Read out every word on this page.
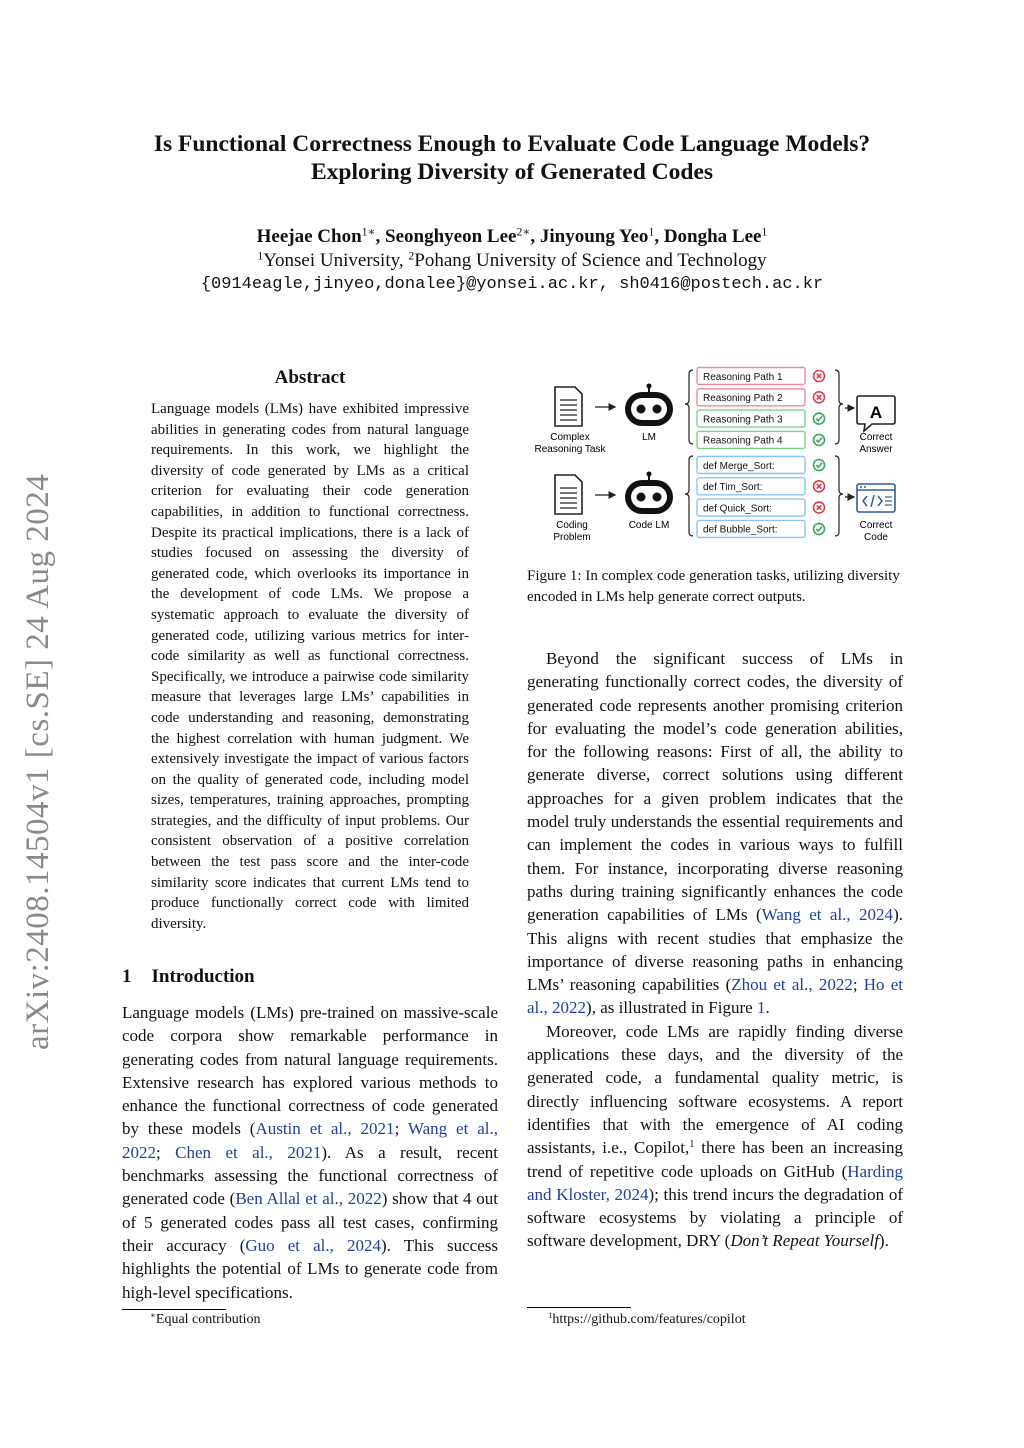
Is Functional Correctness Enough to Evaluate Code Language Models?
Exploring Diversity of Generated Codes
Heejae Chon$^{1∗}$, Seonghyeon Lee$^{2∗}$, Jinyoung Yeo$^1$, Dongha Lee$^1$
$^1$Yonsei University, $^2$Pohang University of Science and Technology
{0914eagle,jinyeo,donalee}@yonsei.ac.kr, sh0416@postech.ac.kr
arXiv:2408.14504v1 [cs.SE] 24 Aug 2024
Abstract

Language models (LMs) have exhibited impressive abilities in generating codes from natural language requirements. In this work, we highlight the diversity of code generated by LMs as a critical criterion for evaluating their code generation capabilities, in addition to functional correctness. Despite its practical implications, there is a lack of studies focused on assessing the diversity of generated code, which overlooks its importance in the development of code LMs. We propose a systematic approach to evaluate the diversity of generated code, utilizing various metrics for inter-code similarity as well as functional correctness. Specifically, we introduce a pairwise code similarity measure that leverages large LMs’ capabilities in code understanding and reasoning, demonstrating the highest correlation with human judgment. We extensively investigate the impact of various factors on the quality of generated code, including model sizes, temperatures, training approaches, prompting strategies, and the difficulty of input problems. Our consistent observation of a positive correlation between the test pass score and the inter-code similarity score indicates that current LMs tend to produce functionally correct code with limited diversity.

1 Introduction

Language models (LMs) pre-trained on massive-scale code corpora show remarkable performance in generating codes from natural language requirements. Extensive research has explored various methods to enhance the functional correctness of code generated by these models (Austin et al., 2021; Wang et al., 2022; Chen et al., 2021). As a result, recent benchmarks assessing the functional correctness of generated code (Ben Allal et al., 2022) show that 4 out of 5 generated codes pass all test cases, confirming their accuracy (Guo et al., 2024). This success highlights the potential of LMs to generate code from high-level specifications.

∗Equal contribution
Complex
Reasoning Task
LM
Reasoning Path 1
Reasoning Path 2
Reasoning Path 3
Reasoning Path 4
def Merge_Sort:
def Tim_Sort:
def Quick_Sort:
def Bubble_Sort:
A
Correct
Answer
Coding
Problem
Code LM	Correct
Code
Figure 1: In complex code generation tasks, utilizing diversity encoded in LMs help generate correct outputs.

Beyond the significant success of LMs in generating functionally correct codes, the diversity of generated code represents another promising criterion for evaluating the model’s code generation abilities, for the following reasons: First of all, the ability to generate diverse, correct solutions using different approaches for a given problem indicates that the model truly understands the essential requirements and can implement the codes in various ways to fulfill them. For instance, incorporating diverse reasoning paths during training significantly enhances the code generation capabilities of LMs (Wang et al., 2024). This aligns with recent studies that emphasize the importance of diverse reasoning paths in enhancing LMs’ reasoning capabilities (Zhou et al., 2022; Ho et al., 2022), as illustrated in Figure 1.

Moreover, code LMs are rapidly finding diverse applications these days, and the diversity of the generated code, a fundamental quality metric, is directly influencing software ecosystems. A report identifies that with the emergence of AI coding assistants, i.e., Copilot,$^1$ there has been an increasing trend of repetitive code uploads on GitHub (Harding and Kloster, 2024); this trend incurs the degradation of software ecosystems by violating a principle of software development, DRY (Don’t Repeat Yourself).

$^1$https://github.com/features/copilot
